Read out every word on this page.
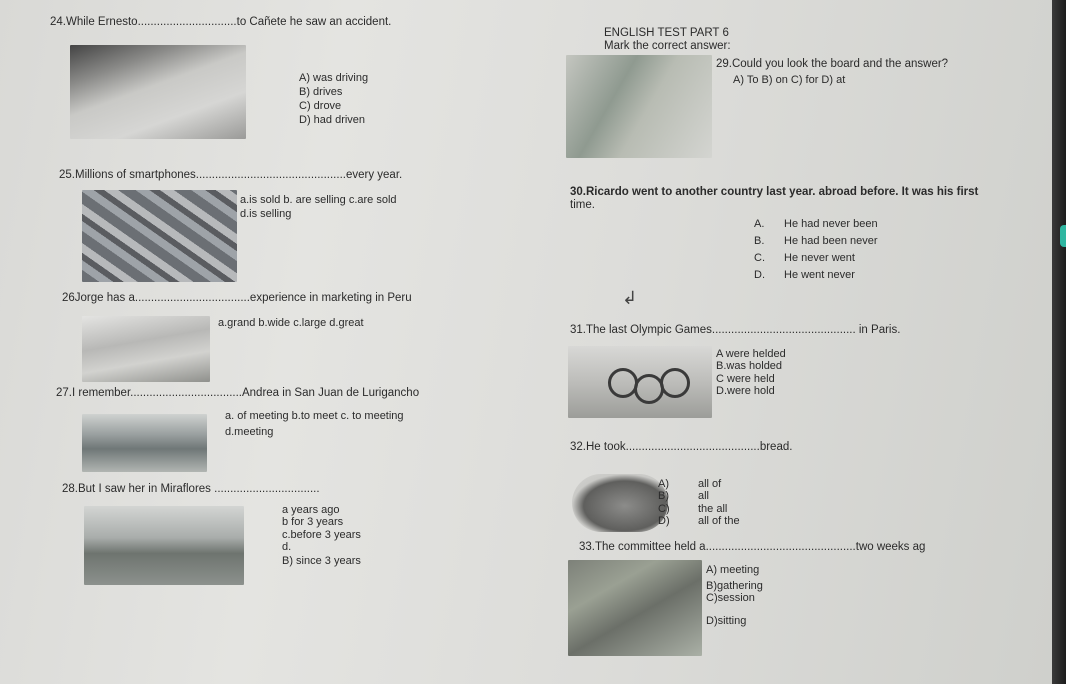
ENGLISH TEST PART 6
Mark the correct answer:
24.While Ernesto...............................to Cañete he saw an accident.
A) was driving
B) drives
C) drove
D) had driven
25.Millions of smartphones...............................................every year.
a.is sold b. are selling c.are sold
d.is selling
26Jorge has a....................................experience in marketing in Peru
a.grand b.wide c.large d.great
27.I remember...................................Andrea in San Juan de Lurigancho
a. of meeting b.to meet c. to meeting
d.meeting
28.But I saw her in Miraflores .................................
a years ago
b for 3 years
c.before 3 years
d.
B) since 3 years
29.Could you look the board and the answer?
A) To B) on C) for D) at
30.Ricardo went to another country last year. abroad before. It was his first
time.
A. He had never been
B. He had been never
C. He never went
D. He went never
↲
31.The last Olympic Games............................................. in Paris.
A were helded
B.was holded
C were held
D.were hold
32.He took..........................................bread.
A)	all of
B)	all
C)	the all
D)	all of the
33.The committee held a...............................................two weeks ag
A) meeting
B)gathering
C)session
D)sitting
